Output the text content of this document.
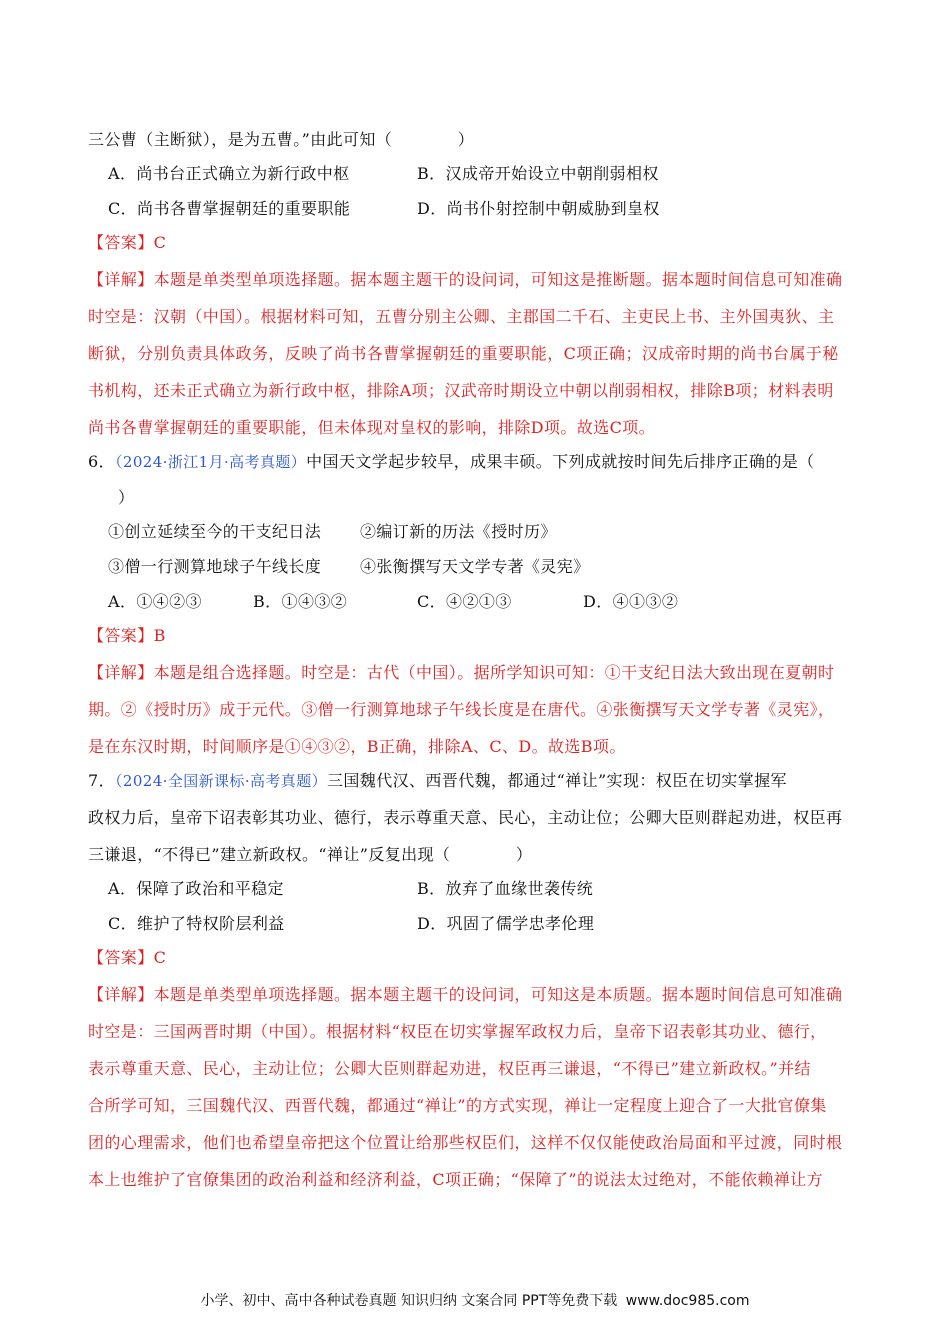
三公曹（主断狱），是为五曹。”由此可知（　　　　）
A．尚书台正式确立为新行政中枢	B．汉成帝开始设立中朝削弱相权
C．尚书各曹掌握朝廷的重要职能	D．尚书仆射控制中朝威胁到皇权
【答案】C
【详解】本题是单类型单项选择题。据本题主题干的设问词，可知这是推断题。据本题时间信息可知准确
时空是：汉朝（中国）。根据材料可知，五曹分别主公卿、主郡国二千石、主吏民上书、主外国夷狄、主
断狱，分别负责具体政务，反映了尚书各曹掌握朝廷的重要职能，C项正确；汉成帝时期的尚书台属于秘
书机构，还未正式确立为新行政中枢，排除A项；汉武帝时期设立中朝以削弱相权，排除B项；材料表明
尚书各曹掌握朝廷的重要职能，但未体现对皇权的影响，排除D项。故选C项。
6．（2024·浙江1月·高考真题）中国天文学起步较早，成果丰硕。下列成就按时间先后排序正确的是（
）
①创立延续至今的干支纪日法 ②编订新的历法《授时历》
③僧一行测算地球子午线长度 ④张衡撰写天文学专著《灵宪》
A．①④②③	B．①④③②	C．④②①③	D．④①③②
【答案】B
【详解】本题是组合选择题。时空是：古代（中国）。据所学知识可知：①干支纪日法大致出现在夏朝时
期。②《授时历》成于元代。③僧一行测算地球子午线长度是在唐代。④张衡撰写天文学专著《灵宪》，
是在东汉时期，时间顺序是①④③②，B正确，排除A、C、D。故选B项。
7．（2024·全国新课标·高考真题）三国魏代汉、西晋代魏，都通过“禅让”实现：权臣在切实掌握军
政权力后，皇帝下诏表彰其功业、德行，表示尊重天意、民心，主动让位；公卿大臣则群起劝进，权臣再
三谦退，“不得已”建立新政权。“禅让”反复出现（　　　　）
A．保障了政治和平稳定	B．放弃了血缘世袭传统
C．维护了特权阶层利益	D．巩固了儒学忠孝伦理
【答案】C
【详解】本题是单类型单项选择题。据本题主题干的设问词，可知这是本质题。据本题时间信息可知准确
时空是：三国两晋时期（中国）。根据材料“权臣在切实掌握军政权力后，皇帝下诏表彰其功业、德行，
表示尊重天意、民心，主动让位；公卿大臣则群起劝进，权臣再三谦退，“不得已”建立新政权。”并结
合所学可知，三国魏代汉、西晋代魏，都通过“禅让”的方式实现，禅让一定程度上迎合了一大批官僚集
团的心理需求，他们也希望皇帝把这个位置让给那些权臣们，这样不仅仅能使政治局面和平过渡，同时根
本上也维护了官僚集团的政治利益和经济利益，C项正确；“保障了”的说法太过绝对，不能依赖禅让方
小学、初中、高中各种试卷真题 知识归纳 文案合同 PPT等免费下载 www.doc985.com
